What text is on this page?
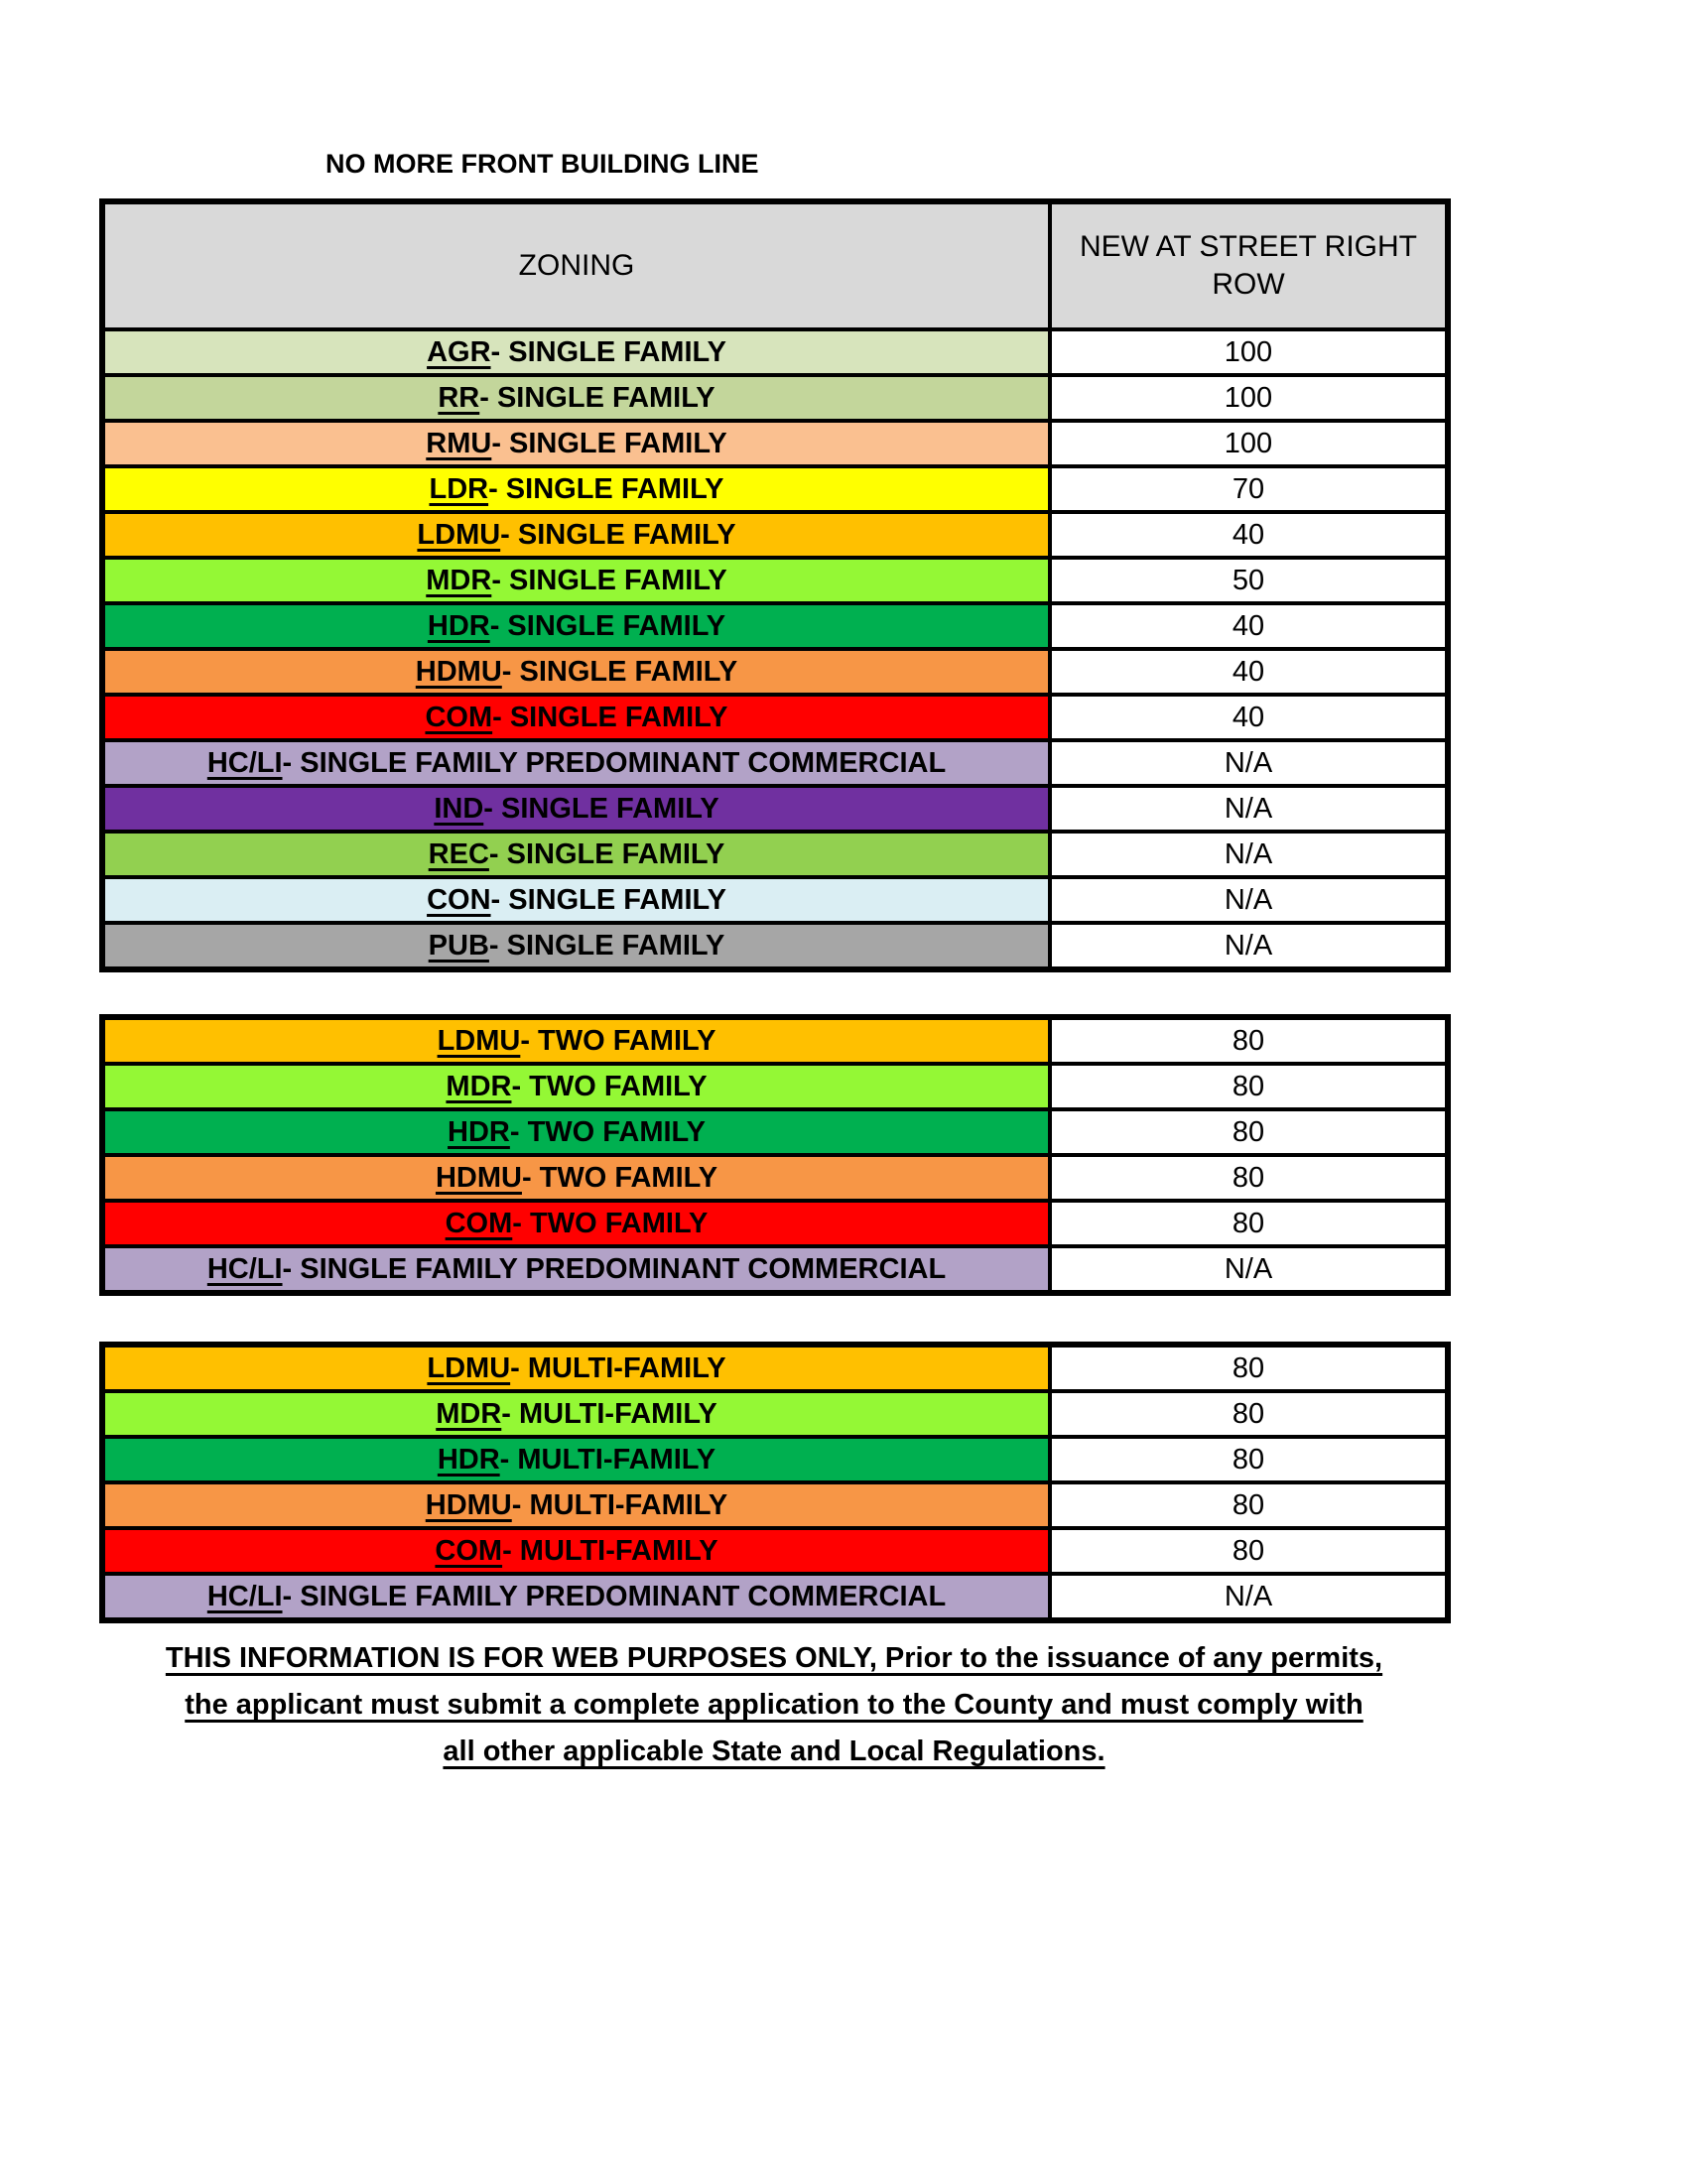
NO MORE FRONT BUILDING LINE
ZONING	NEW AT STREET RIGHT
ROW

AGR- SINGLE FAMILY	100
RR- SINGLE FAMILY	100
RMU- SINGLE FAMILY	100
LDR- SINGLE FAMILY	70
LDMU- SINGLE FAMILY	40
MDR- SINGLE FAMILY	50
HDR- SINGLE FAMILY	40
HDMU- SINGLE FAMILY	40
COM- SINGLE FAMILY	40
HC/LI- SINGLE FAMILY PREDOMINANT COMMERCIAL	N/A
IND- SINGLE FAMILY	N/A
REC- SINGLE FAMILY	N/A
CON- SINGLE FAMILY	N/A
PUB- SINGLE FAMILY	N/A
LDMU- TWO FAMILY	80
MDR- TWO FAMILY	80
HDR- TWO FAMILY	80
HDMU- TWO FAMILY	80
COM- TWO FAMILY	80
HC/LI- SINGLE FAMILY PREDOMINANT COMMERCIAL	N/A
LDMU- MULTI-FAMILY	80
MDR- MULTI-FAMILY	80
HDR- MULTI-FAMILY	80
HDMU- MULTI-FAMILY	80
COM- MULTI-FAMILY	80
HC/LI- SINGLE FAMILY PREDOMINANT COMMERCIAL	N/A
THIS INFORMATION IS FOR WEB PURPOSES ONLY, Prior to the issuance of any permits,
the applicant must submit a complete application to the County and must comply with
all other applicable State and Local Regulations.
